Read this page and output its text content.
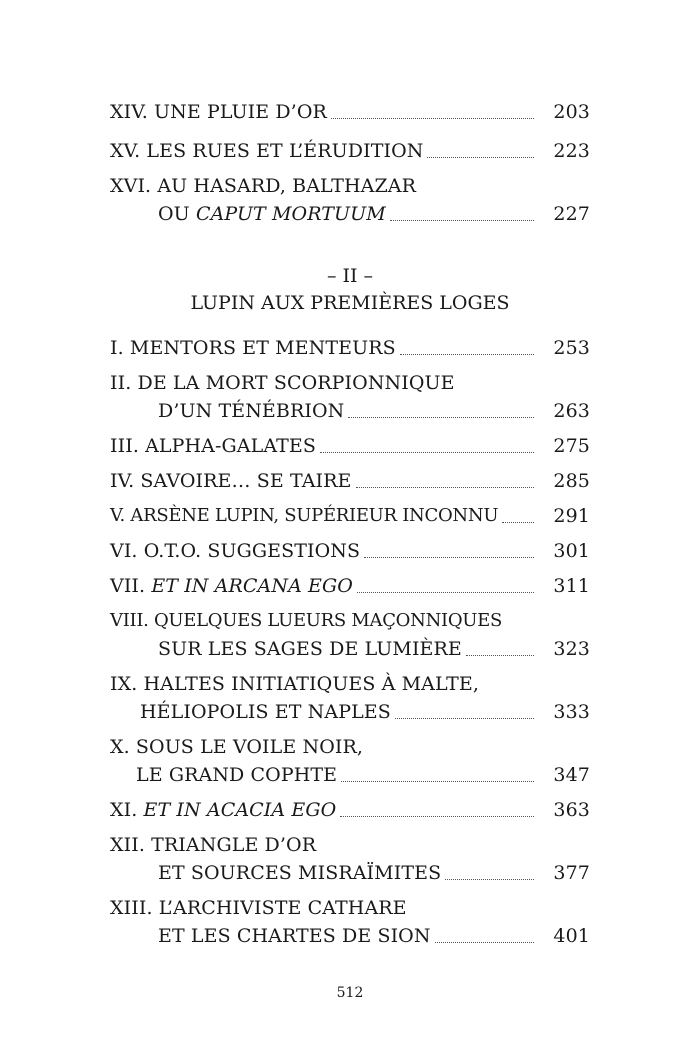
XIV. UNE PLUIE D’OR	203
XV. LES RUES ET L’ÉRUDITION	223
XVI. AU HASARD, BALTHAZAR
OU CAPUT MORTUUM	227
– II –
LUPIN AUX PREMIÈRES LOGES
I. MENTORS ET MENTEURS	253
II. DE LA MORT SCORPIONNIQUE
D’UN TÉNÉBRION	263
III. ALPHA-GALATES	275
IV. SAVOIRE… SE TAIRE	285
V. ARSÈNE LUPIN, SUPÉRIEUR INCONNU	291
VI. O.T.O. SUGGESTIONS	301
VII. ET IN ARCANA EGO	311
VIII. QUELQUES LUEURS MAÇONNIQUES
SUR LES SAGES DE LUMIÈRE	323
IX. HALTES INITIATIQUES À MALTE,
HÉLIOPOLIS ET NAPLES	333
X. SOUS LE VOILE NOIR,
LE GRAND COPHTE	347
XI. ET IN ACACIA EGO	363
XII. TRIANGLE D’OR
ET SOURCES MISRAÏMITES	377
XIII. L’ARCHIVISTE CATHARE
ET LES CHARTES DE SION	401
512
